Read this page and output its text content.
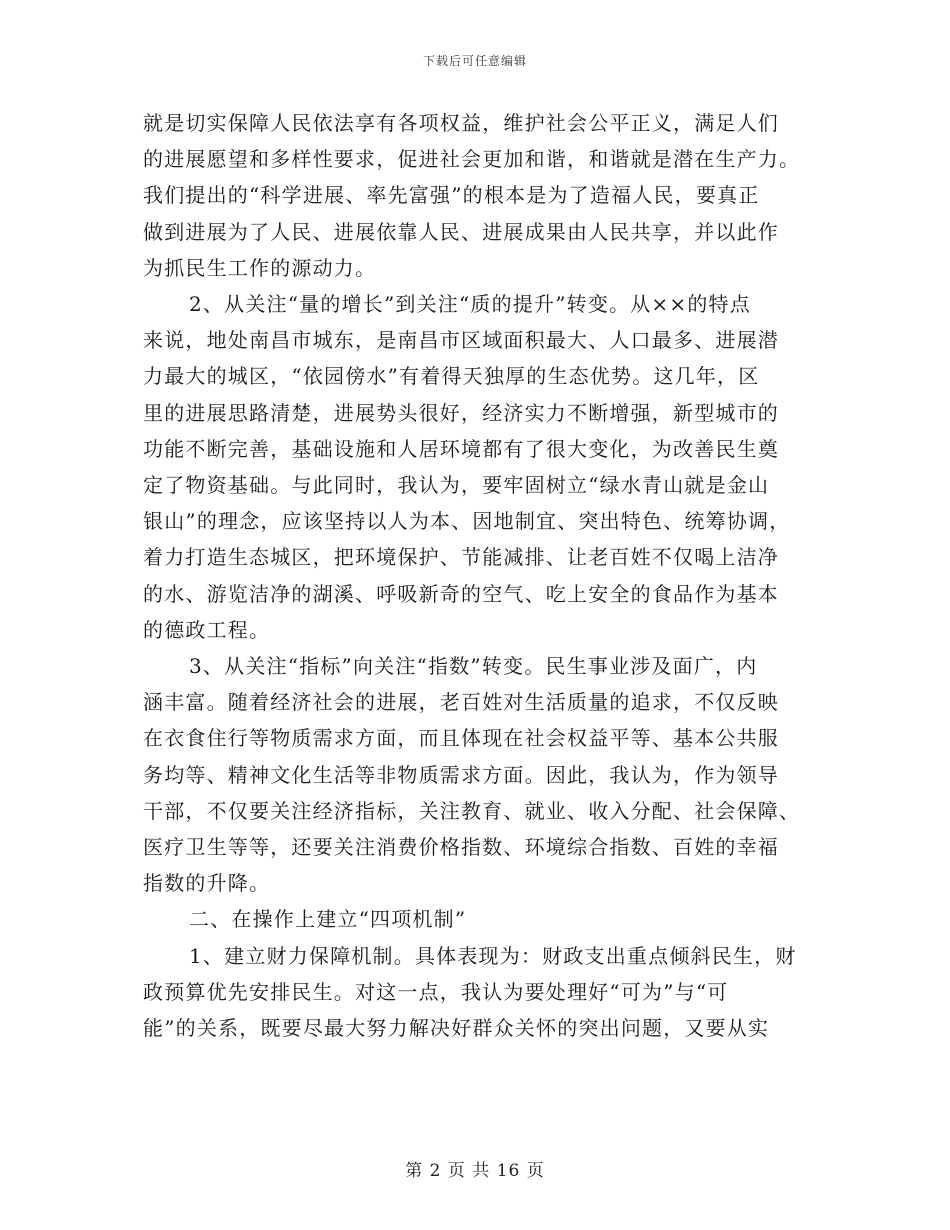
下载后可任意编辑

就是切实保障人民依法享有各项权益，维护社会公平正义，满足人们
的进展愿望和多样性要求，促进社会更加和谐，和谐就是潜在生产力。
我们提出的“科学进展、率先富强”的根本是为了造福人民，要真正
做到进展为了人民、进展依靠人民、进展成果由人民共享，并以此作
为抓民生工作的源动力。

2、从关注“量的增长”到关注“质的提升”转变。从××的特点
来说，地处南昌市城东，是南昌市区域面积最大、人口最多、进展潜
力最大的城区，“依园傍水”有着得天独厚的生态优势。这几年，区
里的进展思路清楚，进展势头很好，经济实力不断增强，新型城市的
功能不断完善，基础设施和人居环境都有了很大变化，为改善民生奠
定了物资基础。与此同时，我认为，要牢固树立“绿水青山就是金山
银山”的理念，应该坚持以人为本、因地制宜、突出特色、统筹协调，
着力打造生态城区，把环境保护、节能减排、让老百姓不仅喝上洁净
的水、游览洁净的湖溪、呼吸新奇的空气、吃上安全的食品作为基本
的德政工程。

3、从关注“指标”向关注“指数”转变。民生事业涉及面广，内
涵丰富。随着经济社会的进展，老百姓对生活质量的追求，不仅反映
在衣食住行等物质需求方面，而且体现在社会权益平等、基本公共服
务均等、精神文化生活等非物质需求方面。因此，我认为，作为领导
干部，不仅要关注经济指标，关注教育、就业、收入分配、社会保障、
医疗卫生等等，还要关注消费价格指数、环境综合指数、百姓的幸福
指数的升降。

二、在操作上建立“四项机制”

1、建立财力保障机制。具体表现为：财政支出重点倾斜民生，财
政预算优先安排民生。对这一点，我认为要处理好“可为”与“可
能”的关系，既要尽最大努力解决好群众关怀的突出问题，又要从实

第 2 页 共 16 页
